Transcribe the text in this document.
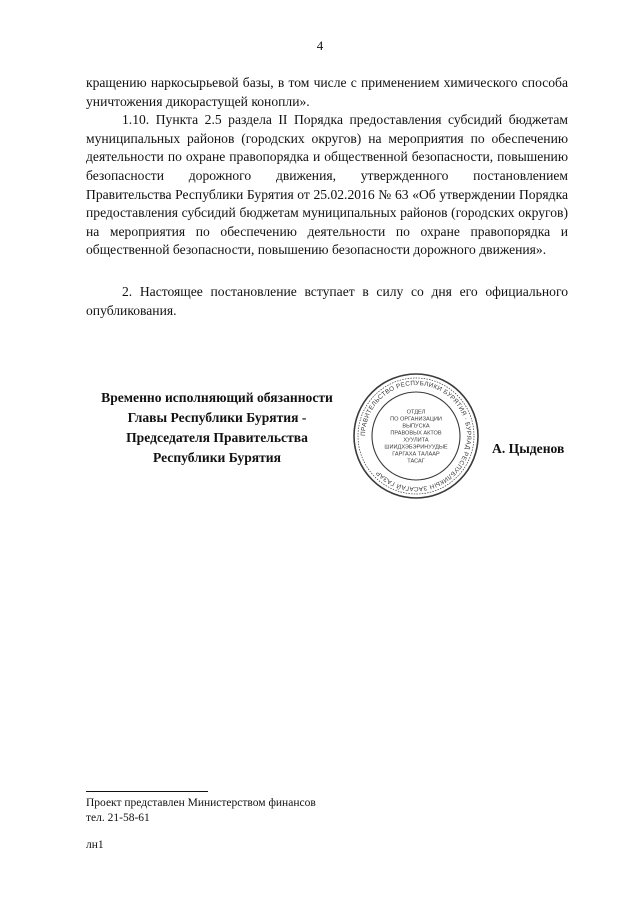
4

кращению наркосырьевой базы, в том числе с применением химического способа уничтожения дикорастущей конопли».

1.10. Пункта 2.5 раздела II Порядка предоставления субсидий бюджетам муниципальных районов (городских округов) на мероприятия по обеспечению деятельности по охране правопорядка и общественной безопасности, повышению безопасности дорожного движения, утвержденного постановлением Правительства Республики Бурятия от 25.02.2016 № 63 «Об утверждении Порядка предоставления субсидий бюджетам муниципальных районов (городских округов) на мероприятия по обеспечению деятельности по охране правопорядка и общественной безопасности, повышению безопасности дорожного движения».

2. Настоящее постановление вступает в силу со дня его официального опубликования.

Временно исполняющий обязанности
Главы Республики Бурятия -
Председателя Правительства
Республики Бурятия
ПРАВИТЕЛЬСТВО РЕСПУБЛИКИ БУРЯТИЯ · БУРЯАД РЕСПУБЛИКЫН ЗАСАГАЙ ГАЗАР
ОТДЕЛ
ПО ОРГАНИЗАЦИИ
ВЫПУСКА
ПРАВОВЫХ АКТОВ
ХУУЛИТА
ШИИДХЭБЭРИНУУДЫЕ
ГАРГАХА ТАЛААР
ТАСАГ
А. Цыденов
Проект представлен Министерством финансов
тел. 21-58-61
лн1
